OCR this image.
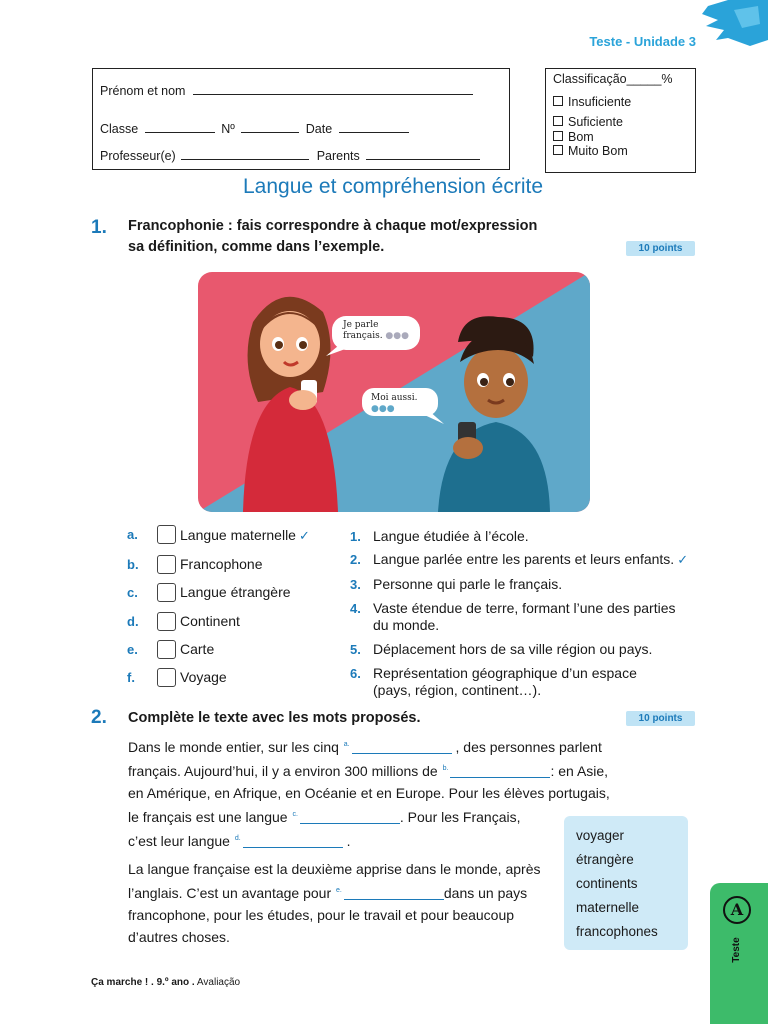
Teste - Unidade 3
Prénom et nom
Classe	Nº	Date
Professeur(e)	Parents
Classificação_____%
Insuficiente
Suficiente
Bom
Muito Bom
Langue et compréhension écrite
1. Francophonie : fais correspondre à chaque mot/expression
sa définition, comme dans l’exemple.	10 points
Je parle
français. ●●●
Moi aussi.
●●●
a.	Langue maternelle ✓
b.	Francophone
c.	Langue étrangère
d.	Continent
e.	Carte
f.	Voyage
1. Langue étudiée à l’école.
2. Langue parlée entre les parents et leurs enfants. ✓
3. Personne qui parle le français.
4. Vaste étendue de terre, formant l’une des parties du monde.
5. Déplacement hors de sa ville région ou pays.
6. Représentation géographique d’un espace (pays, région, continent…).
2. Complète le texte avec les mots proposés.	10 points
Dans le monde entier, sur les cinq $^{a.}$	, des personnes parlent
français. Aujourd’hui, il y a environ 300 millions de $^{b.}$	: en Asie,
en Amérique, en Afrique, en Océanie et en Europe. Pour les élèves portugais,
le français est une langue $^{c.}$	. Pour les Français,
c’est leur langue $^{d.}$	.
La langue française est la deuxième apprise dans le monde, après
l’anglais. C’est un avantage pour $^{e.}$	dans un pays
francophone, pour les études, pour le travail et pour beaucoup
d’autres choses.
voyager
étrangère
continents
maternelle
francophones
A
Teste
Ça marche ! . 9.º ano . Avaliação
